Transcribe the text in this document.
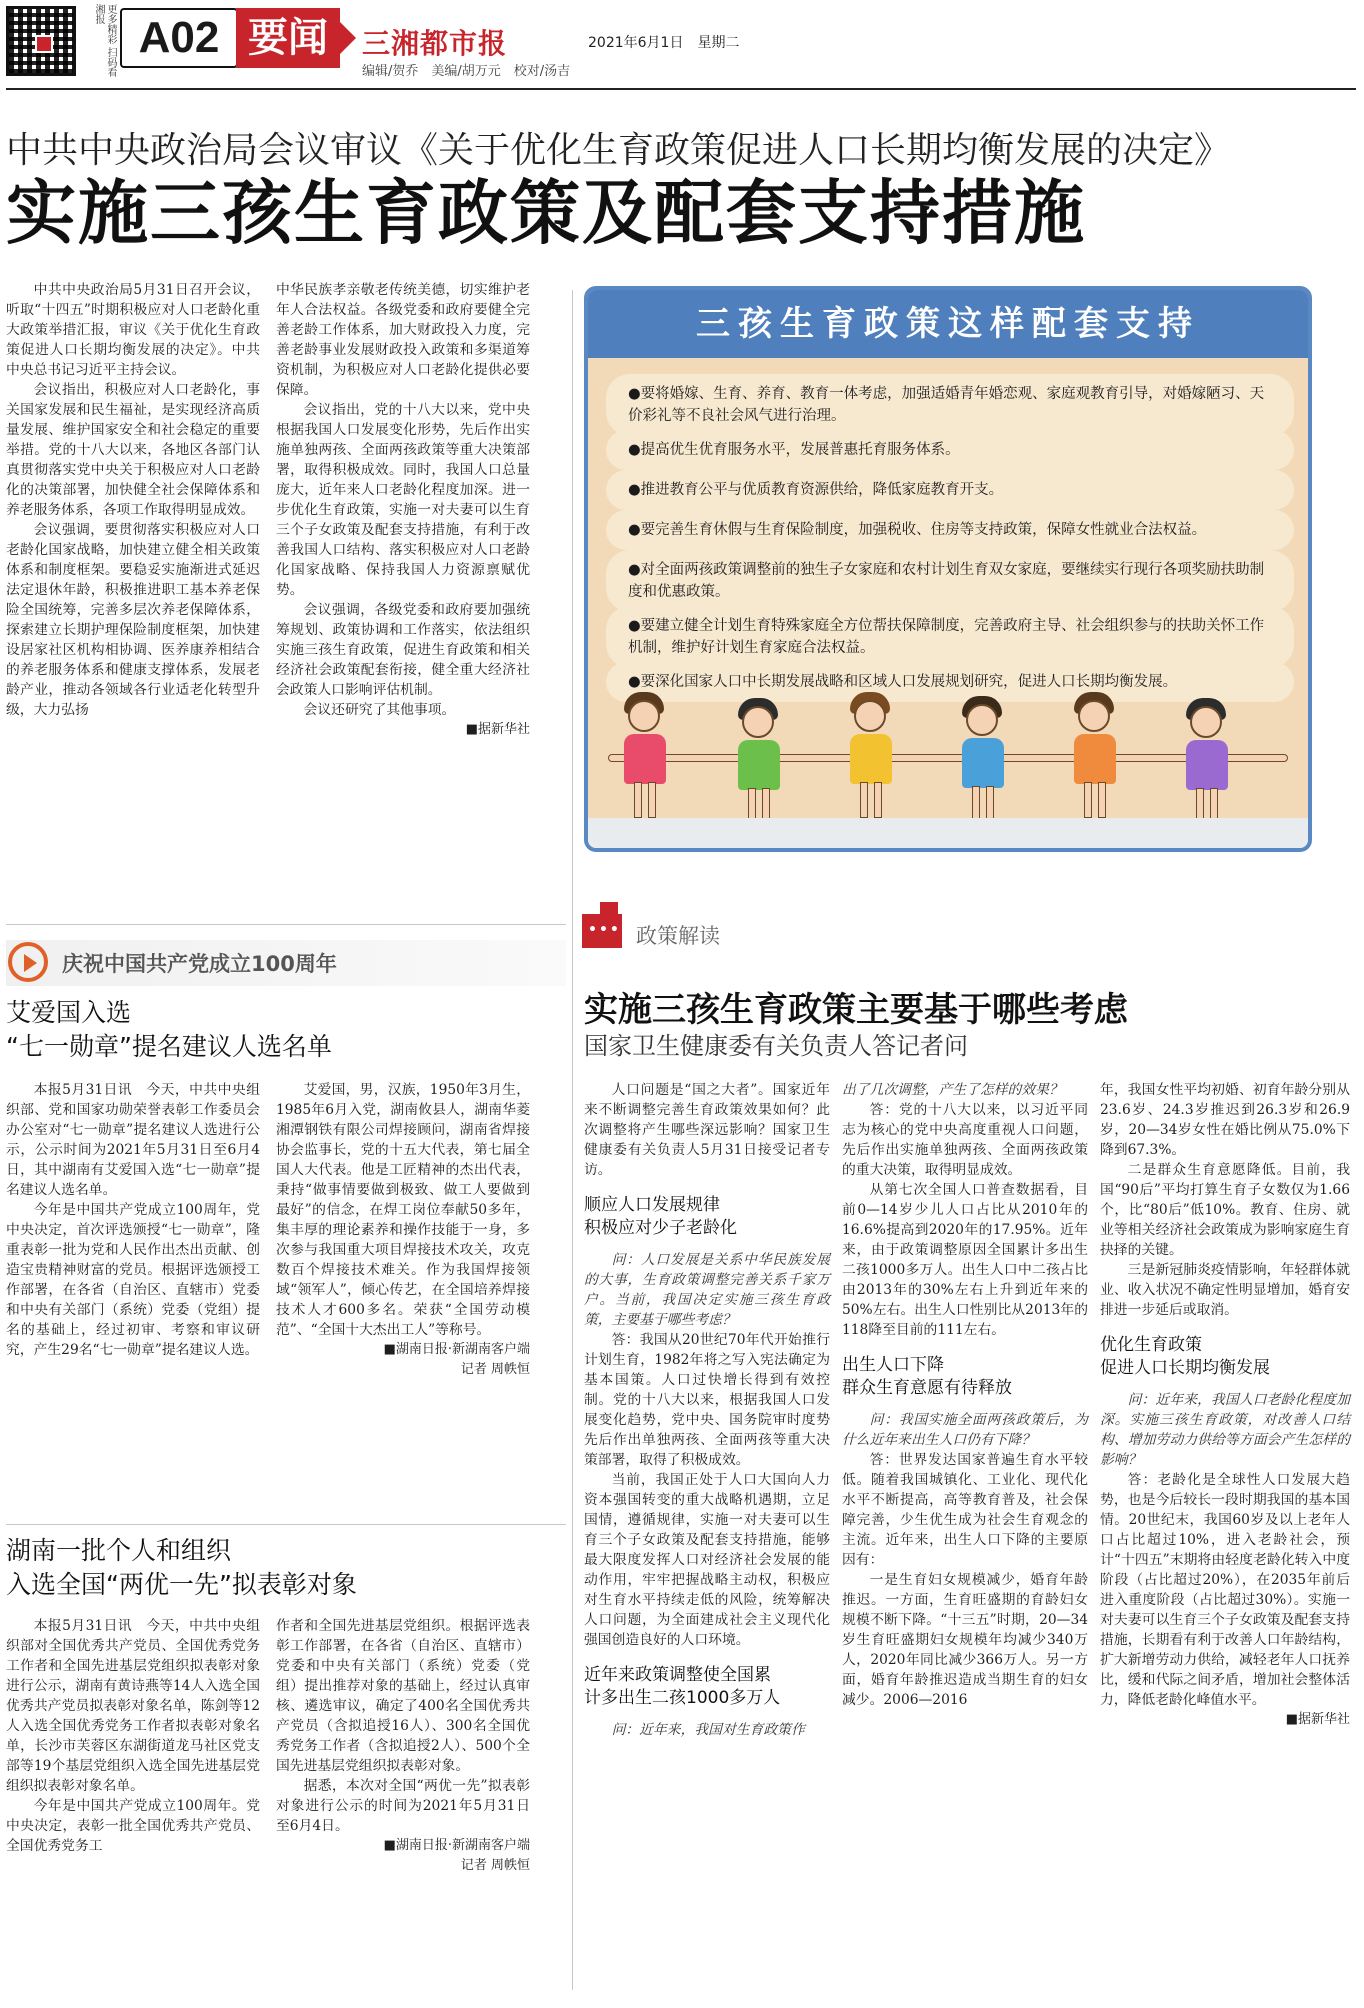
更多精彩 扫码看湘报 A02 要闻	三湘都市报	2021年6月1日　星期二
编辑/贺乔　美编/胡万元　校对/汤吉
中共中央政治局会议审议《关于优化生育政策促进人口长期均衡发展的决定》
实施三孩生育政策及配套支持措施

中共中央政治局5月31日召开会议，听取“十四五”时期积极应对人口老龄化重大政策举措汇报，审议《关于优化生育政策促进人口长期均衡发展的决定》。中共中央总书记习近平主持会议。

会议指出，积极应对人口老龄化，事关国家发展和民生福祉，是实现经济高质量发展、维护国家安全和社会稳定的重要举措。党的十八大以来，各地区各部门认真贯彻落实党中央关于积极应对人口老龄化的决策部署，加快健全社会保障体系和养老服务体系，各项工作取得明显成效。

会议强调，要贯彻落实积极应对人口老龄化国家战略，加快建立健全相关政策体系和制度框架。要稳妥实施渐进式延迟法定退休年龄，积极推进职工基本养老保险全国统筹，完善多层次养老保障体系，探索建立长期护理保险制度框架，加快建设居家社区机构相协调、医养康养相结合的养老服务体系和健康支撑体系，发展老龄产业，推动各领域各行业适老化转型升级，大力弘扬

中华民族孝亲敬老传统美德，切实维护老年人合法权益。各级党委和政府要健全完善老龄工作体系，加大财政投入力度，完善老龄事业发展财政投入政策和多渠道筹资机制，为积极应对人口老龄化提供必要保障。

会议指出，党的十八大以来，党中央根据我国人口发展变化形势，先后作出实施单独两孩、全面两孩政策等重大决策部署，取得积极成效。同时，我国人口总量庞大，近年来人口老龄化程度加深。进一步优化生育政策，实施一对夫妻可以生育三个子女政策及配套支持措施，有利于改善我国人口结构、落实积极应对人口老龄化国家战略、保持我国人力资源禀赋优势。

会议强调，各级党委和政府要加强统筹规划、政策协调和工作落实，依法组织实施三孩生育政策，促进生育政策和相关经济社会政策配套衔接，健全重大经济社会政策人口影响评估机制。

会议还研究了其他事项。

■据新华社
三孩生育政策这样配套支持
●要将婚嫁、生育、养育、教育一体考虑，加强适婚青年婚恋观、家庭观教育引导，对婚嫁陋习、天价彩礼等不良社会风气进行治理。
●提高优生优育服务水平，发展普惠托育服务体系。
●推进教育公平与优质教育资源供给，降低家庭教育开支。
●要完善生育休假与生育保险制度，加强税收、住房等支持政策，保障女性就业合法权益。
●对全面两孩政策调整前的独生子女家庭和农村计划生育双女家庭，要继续实行现行各项奖励扶助制度和优惠政策。
●要建立健全计划生育特殊家庭全方位帮扶保障制度，完善政府主导、社会组织参与的扶助关怀工作机制，维护好计划生育家庭合法权益。
●要深化国家人口中长期发展战略和区域人口发展规划研究，促进人口长期均衡发展。
庆祝中国共产党成立100周年
艾爱国入选
“七一勋章”提名建议人选名单

本报5月31日讯　今天，中共中央组织部、党和国家功勋荣誉表彰工作委员会办公室对“七一勋章”提名建议人选进行公示，公示时间为2021年5月31日至6月4日，其中湖南有艾爱国入选“七一勋章”提名建议人选名单。

今年是中国共产党成立100周年，党中央决定，首次评选颁授“七一勋章”，隆重表彰一批为党和人民作出杰出贡献、创造宝贵精神财富的党员。根据评选颁授工作部署，在各省（自治区、直辖市）党委和中央有关部门（系统）党委（党组）提名的基础上，经过初审、考察和审议研究，产生29名“七一勋章”提名建议人选。

艾爱国，男，汉族，1950年3月生，1985年6月入党，湖南攸县人，湖南华菱湘潭钢铁有限公司焊接顾问，湖南省焊接协会监事长，党的十五大代表，第七届全国人大代表。他是工匠精神的杰出代表，秉持“做事情要做到极致、做工人要做到最好”的信念，在焊工岗位奉献50多年，集丰厚的理论素养和操作技能于一身，多次参与我国重大项目焊接技术攻关，攻克数百个焊接技术难关。作为我国焊接领域“领军人”，倾心传艺，在全国培养焊接技术人才600多名。荣获“全国劳动模范”、“全国十大杰出工人”等称号。

■湖南日报·新湖南客户端
记者 周帙恒
湖南一批个人和组织
入选全国“两优一先”拟表彰对象

本报5月31日讯　今天，中共中央组织部对全国优秀共产党员、全国优秀党务工作者和全国先进基层党组织拟表彰对象进行公示，湖南有黄诗燕等14人入选全国优秀共产党员拟表彰对象名单，陈剑等12人入选全国优秀党务工作者拟表彰对象名单，长沙市芙蓉区东湖街道龙马社区党支部等19个基层党组织入选全国先进基层党组织拟表彰对象名单。

今年是中国共产党成立100周年。党中央决定，表彰一批全国优秀共产党员、全国优秀党务工

作者和全国先进基层党组织。根据评选表彰工作部署，在各省（自治区、直辖市）党委和中央有关部门（系统）党委（党组）提出推荐对象的基础上，经过认真审核、遴选审议，确定了400名全国优秀共产党员（含拟追授16人）、300名全国优秀党务工作者（含拟追授2人）、500个全国先进基层党组织拟表彰对象。

据悉，本次对全国“两优一先”拟表彰对象进行公示的时间为2021年5月31日至6月4日。

■湖南日报·新湖南客户端
记者 周帙恒
•••
政策解读
实施三孩生育政策主要基于哪些考虑
国家卫生健康委有关负责人答记者问

人口问题是“国之大者”。国家近年来不断调整完善生育政策效果如何？此次调整将产生哪些深远影响？国家卫生健康委有关负责人5月31日接受记者专访。

顺应人口发展规律
积极应对少子老龄化

问：人口发展是关系中华民族发展的大事，生育政策调整完善关系千家万户。当前，我国决定实施三孩生育政策，主要基于哪些考虑？

答：我国从20世纪70年代开始推行计划生育，1982年将之写入宪法确定为基本国策。人口过快增长得到有效控制。党的十八大以来，根据我国人口发展变化趋势，党中央、国务院审时度势先后作出单独两孩、全面两孩等重大决策部署，取得了积极成效。

当前，我国正处于人口大国向人力资本强国转变的重大战略机遇期，立足国情，遵循规律，实施一对夫妻可以生育三个子女政策及配套支持措施，能够最大限度发挥人口对经济社会发展的能动作用，牢牢把握战略主动权，积极应对生育水平持续走低的风险，统筹解决人口问题，为全面建成社会主义现代化强国创造良好的人口环境。

近年来政策调整使全国累
计多出生二孩1000多万人

问：近年来，我国对生育政策作

出了几次调整，产生了怎样的效果？

答：党的十八大以来，以习近平同志为核心的党中央高度重视人口问题，先后作出实施单独两孩、全面两孩政策的重大决策，取得明显成效。

从第七次全国人口普查数据看，目前0—14岁少儿人口占比从2010年的16.6%提高到2020年的17.95%。近年来，由于政策调整原因全国累计多出生二孩1000多万人。出生人口中二孩占比由2013年的30%左右上升到近年来的50%左右。出生人口性别比从2013年的118降至目前的111左右。

出生人口下降
群众生育意愿有待释放

问：我国实施全面两孩政策后，为什么近年来出生人口仍有下降？

答：世界发达国家普遍生育水平较低。随着我国城镇化、工业化、现代化水平不断提高，高等教育普及，社会保障完善，少生优生成为社会生育观念的主流。近年来，出生人口下降的主要原因有：

一是生育妇女规模减少，婚育年龄推迟。一方面，生育旺盛期的育龄妇女规模不断下降。“十三五”时期，20—34岁生育旺盛期妇女规模年均减少340万人，2020年同比减少366万人。另一方面，婚育年龄推迟造成当期生育的妇女减少。2006—2016

年，我国女性平均初婚、初育年龄分别从23.6岁、24.3岁推迟到26.3岁和26.9岁，20—34岁女性在婚比例从75.0%下降到67.3%。

二是群众生育意愿降低。目前，我国“90后”平均打算生育子女数仅为1.66个，比“80后”低10%。教育、住房、就业等相关经济社会政策成为影响家庭生育抉择的关键。

三是新冠肺炎疫情影响，年轻群体就业、收入状况不确定性明显增加，婚育安排进一步延后或取消。

优化生育政策
促进人口长期均衡发展

问：近年来，我国人口老龄化程度加深。实施三孩生育政策，对改善人口结构、增加劳动力供给等方面会产生怎样的影响？

答：老龄化是全球性人口发展大趋势，也是今后较长一段时期我国的基本国情。20世纪末，我国60岁及以上老年人口占比超过10%，进入老龄社会，预计“十四五”末期将由轻度老龄化转入中度阶段（占比超过20%），在2035年前后进入重度阶段（占比超过30%）。实施一对夫妻可以生育三个子女政策及配套支持措施，长期看有利于改善人口年龄结构，扩大新增劳动力供给，减轻老年人口抚养比，缓和代际之间矛盾，增加社会整体活力，降低老龄化峰值水平。

■据新华社
